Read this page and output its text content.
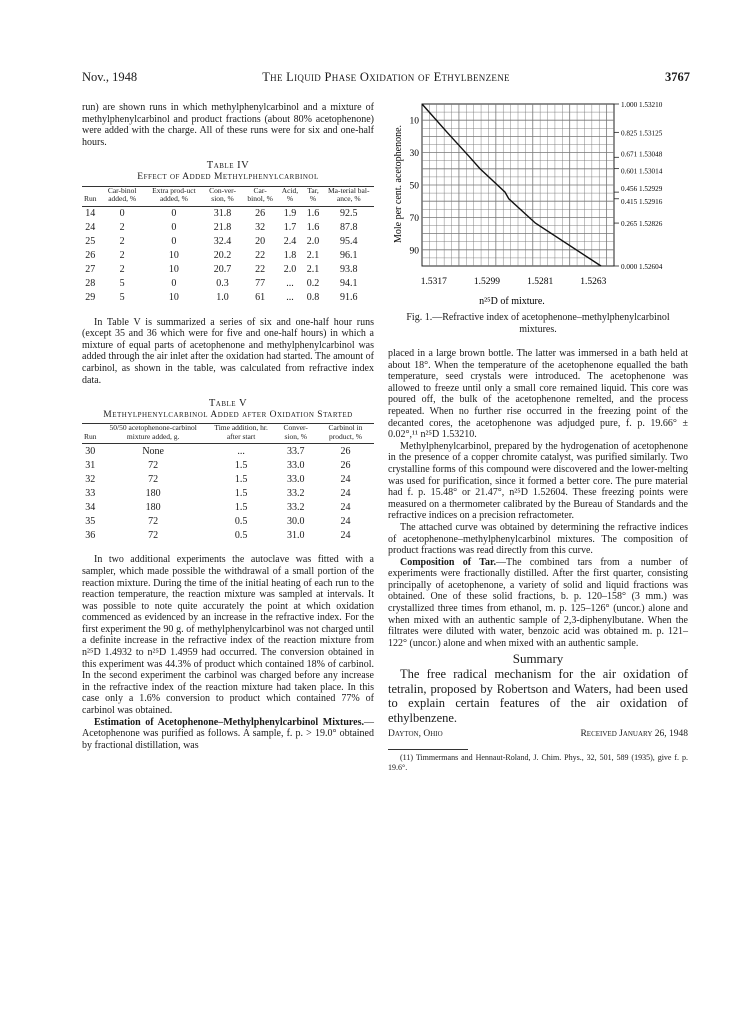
Nov., 1948	The Liquid Phase Oxidation of Ethylbenzene	3767

run) are shown runs in which methylphenylcarbinol and a mixture of methylphenylcarbinol and product fractions (about 80% acetophenone) were added with the charge. All of these runs were for six and one-half hours.

Table IV
Effect of Added Methylphenylcarbinol
Run	Car-binol added, %	Extra prod-uct added, %	Con-ver-sion, %	Car-binol, %	Acid, %	Tar, %	Ma-terial bal-ance, %
14	0	0	31.8	26	1.9	1.6	92.5
24	2	0	21.8	32	1.7	1.6	87.8
25	2	0	32.4	20	2.4	2.0	95.4
26	2	10	20.2	22	1.8	2.1	96.1
27	2	10	20.7	22	2.0	2.1	93.8
28	5	0	0.3	77	...	0.2	94.1
29	5	10	1.0	61	...	0.8	91.6

In Table V is summarized a series of six and one-half hour runs (except 35 and 36 which were for five and one-half hours) in which a mixture of equal parts of acetophenone and methylphenylcarbinol was added through the air inlet after the oxidation had started. The amount of carbinol, as shown in the table, was calculated from refractive index data.

Table V
Methylphenylcarbinol Added after Oxidation Started
Run	50/50 acetophenone-carbinol mixture added, g.	Time addition, hr. after start	Conver-sion, %	Carbinol in product, %
30	None	...	33.7	26
31	72	1.5	33.0	26
32	72	1.5	33.0	24
33	180	1.5	33.2	24
34	180	1.5	33.2	24
35	72	0.5	30.0	24
36	72	0.5	31.0	24

In two additional experiments the autoclave was fitted with a sampler, which made possible the withdrawal of a small portion of the reaction mixture. During the time of the initial heating of each run to the reaction temperature, the reaction mixture was sampled at intervals. It was possible to note quite accurately the point at which oxidation commenced as evidenced by an increase in the refractive index. For the first experiment the 90 g. of methylphenylcarbinol was not charged until a definite increase in the refractive index of the reaction mixture from n²⁵D 1.4932 to n²⁵D 1.4959 had occurred. The conversion obtained in this experiment was 44.3% of product which contained 18% of carbinol. In the second experiment the carbinol was charged before any increase in the refractive index of the reaction mixture had taken place. In this case only a 1.6% conversion to product which contained 77% of carbinol was obtained.

Estimation of Acetophenone–Methylphenylcarbinol Mixtures.—Acetophenone was purified as follows. A sample, f. p. > 19.0° obtained by fractional distillation, was

90
70
50
30
10
1.5317	1.5299	1.5281	1.5263
1.000 1.53210
0.825 1.53125
0.671 1.53048
0.601 1.53014
0.456 1.52929
0.415 1.52916
0.265 1.52826
0.000 1.52604
Mole per cent. acetophenone.
n²⁵D of mixture.
Fig. 1.—Refractive index of acetophenone–methylphenylcarbinol mixtures.

placed in a large brown bottle. The latter was immersed in a bath held at about 18°. When the temperature of the acetophenone equalled the bath temperature, seed crystals were introduced. The acetophenone was allowed to freeze until only a small core remained liquid. This core was poured off, the bulk of the acetophenone remelted, and the process repeated. When no further rise occurred in the freezing point of the decanted cores, the acetophenone was adjudged pure, f. p. 19.66° ± 0.02°,¹¹ n²⁵D 1.53210.

Methylphenylcarbinol, prepared by the hydrogenation of acetophenone in the presence of a copper chromite catalyst, was purified similarly. Two crystalline forms of this compound were discovered and the lower-melting was used for purification, since it formed a better core. The pure material had f. p. 15.48° or 21.47°, n²⁵D 1.52604. These freezing points were measured on a thermometer calibrated by the Bureau of Standards and the refractive indices on a precision refractometer.

The attached curve was obtained by determining the refractive indices of acetophenone–methylphenylcarbinol mixtures. The composition of product fractions was read directly from this curve.

Composition of Tar.—The combined tars from a number of experiments were fractionally distilled. After the first quarter, consisting principally of acetophenone, a variety of solid and liquid fractions was obtained. One of these solid fractions, b. p. 120–158° (3 mm.) was crystallized three times from ethanol, m. p. 125–126° (uncor.) alone and when mixed with an authentic sample of 2,3-diphenylbutane. When the filtrates were diluted with water, benzoic acid was obtained m. p. 121–122° (uncor.) alone and when mixed with an authentic sample.

Summary

The free radical mechanism for the air oxidation of tetralin, proposed by Robertson and Waters, had been used to explain certain features of the air oxidation of ethylbenzene.

Dayton, Ohio	Received January 26, 1948

(11) Timmermans and Hennaut-Roland, J. Chim. Phys., 32, 501, 589 (1935), give f. p. 19.6°.
